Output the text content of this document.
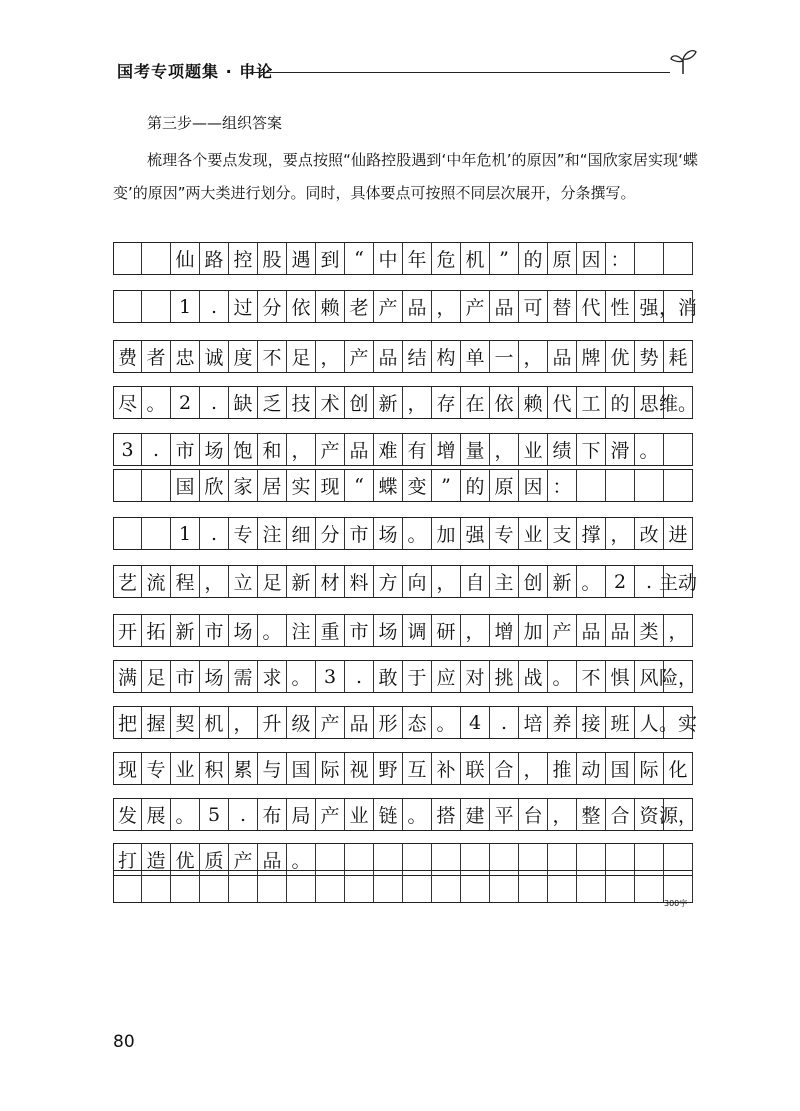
国考专项题集 · 申论
第三步——组织答案

梳理各个要点发现，要点按照“仙路控股遇到‘中年危机’的原因”和“国欣家居实现‘蝶变’的原因”两大类进行划分。同时，具体要点可按照不同层次展开，分条撰写。

仙 路 控 股 遇 到 “ 中 年 危 机 ” 的 原 因 ：
1	. 过 分 依 赖 老 产 品 ， 产 品 可 替 代 性 强 ，消
费 者 忠 诚 度 不 足 ， 产 品 结 构 单 一 ， 品 牌 优 势 耗
尽 。 2	. 缺 乏 技 术 创 新 ， 存 在 依 赖 代 工 的 思 维。
3	. 市 场 饱 和 ， 产 品 难 有 增 量 ， 业 绩 下 滑 。
国 欣 家 居 实 现 “ 蝶 变 ” 的 原 因 ：
1	. 专 注 细 分 市 场 。 加 强 专 业 支 撑 ， 改 进
艺 流 程 ， 立 足 新 材 料 方 向 ， 自 主 创 新 。 2	. 主动
开 拓 新 市 场 。 注 重 市 场 调 研 ， 增 加 产 品 品 类 ，
满 足 市 场 需 求 。 3	. 敢 于 应 对 挑 战 。 不 惧 风 险，
把 握 契 机 ， 升 级 产 品 形 态 。 4	. 培 养 接 班 人 。实
现 专 业 积 累 与 国 际 视 野 互 补 联 合 ， 推 动 国 际 化
发 展 。 5	. 布 局 产 业 链 。 搭 建 平 台 ， 整 合 资 源，
打 造 优 质 产 品 。
300字
80
